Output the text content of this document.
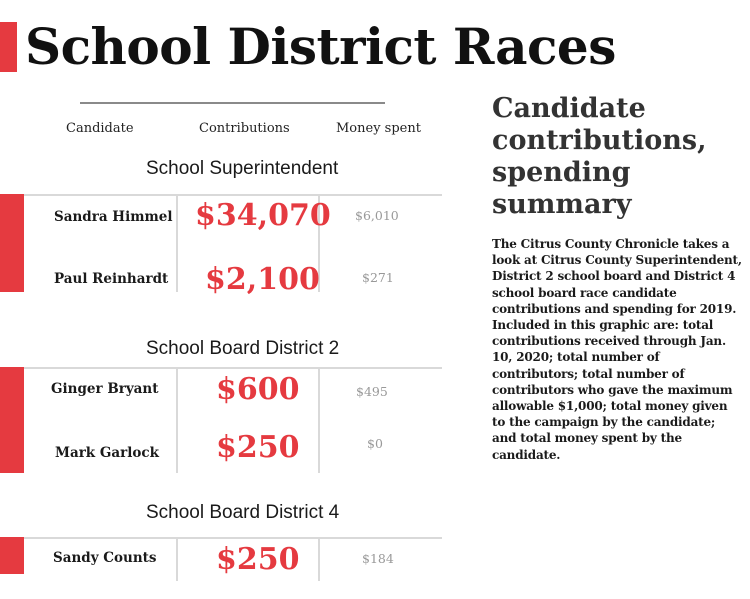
School District Races
Candidate	Contributions	Money spent
School Superintendent
Sandra Himmel $34,070 $6,010
Paul Reinhardt $2,100	$271
School Board District 2
Ginger Bryant $600	$495
Mark Garlock $250	$0
School Board District 4
Sandy Counts $250	$184
Candidate contributions, spending summary
The Citrus County Chronicle takes a look at Citrus County Superintendent, District 2 school board and District 4 school board race candidate contributions and spending for 2019. Included in this graphic are: total contributions received through Jan. 10, 2020; total number of contributors; total number of contributors who gave the maximum allowable $1,000; total money given to the campaign by the candidate; and total money spent by the candidate.
